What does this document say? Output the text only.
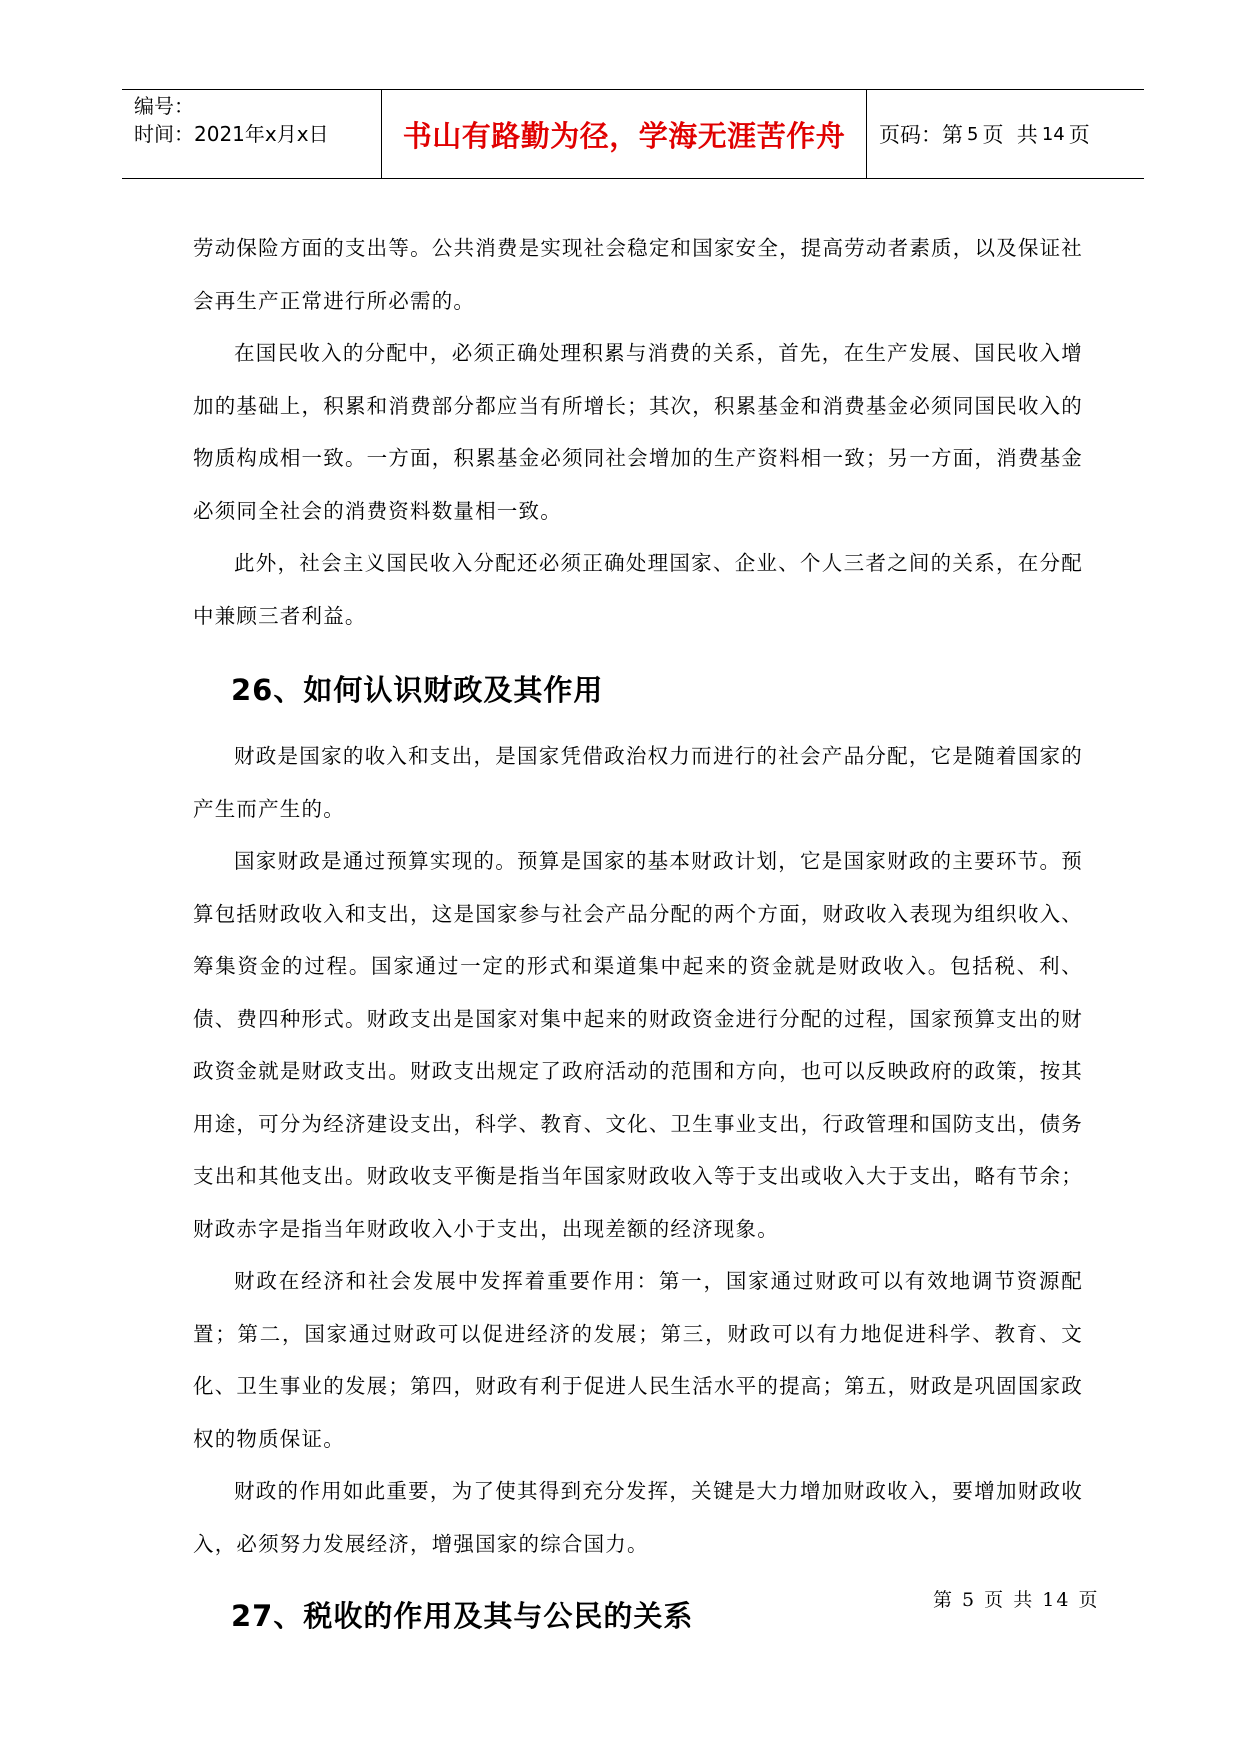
编号：
时间：2021年x月x日	书山有路勤为径，学海无涯苦作舟 页码：第 5 页  共 14 页

劳动保险方面的支出等。公共消费是实现社会稳定和国家安全，提高劳动者素质，以及保证社会再生产正常进行所必需的。

在国民收入的分配中，必须正确处理积累与消费的关系，首先，在生产发展、国民收入增加的基础上，积累和消费部分都应当有所增长；其次，积累基金和消费基金必须同国民收入的物质构成相一致。一方面，积累基金必须同社会增加的生产资料相一致；另一方面，消费基金必须同全社会的消费资料数量相一致。

此外，社会主义国民收入分配还必须正确处理国家、企业、个人三者之间的关系，在分配中兼顾三者利益。

26、如何认识财政及其作用

财政是国家的收入和支出，是国家凭借政治权力而进行的社会产品分配，它是随着国家的产生而产生的。

国家财政是通过预算实现的。预算是国家的基本财政计划，它是国家财政的主要环节。预算包括财政收入和支出，这是国家参与社会产品分配的两个方面，财政收入表现为组织收入、筹集资金的过程。国家通过一定的形式和渠道集中起来的资金就是财政收入。包括税、利、债、费四种形式。财政支出是国家对集中起来的财政资金进行分配的过程，国家预算支出的财政资金就是财政支出。财政支出规定了政府活动的范围和方向，也可以反映政府的政策，按其用途，可分为经济建设支出，科学、教育、文化、卫生事业支出，行政管理和国防支出，债务支出和其他支出。财政收支平衡是指当年国家财政收入等于支出或收入大于支出，略有节余；财政赤字是指当年财政收入小于支出，出现差额的经济现象。

财政在经济和社会发展中发挥着重要作用：第一，国家通过财政可以有效地调节资源配置；第二，国家通过财政可以促进经济的发展；第三，财政可以有力地促进科学、教育、文化、卫生事业的发展；第四，财政有利于促进人民生活水平的提高；第五，财政是巩固国家政权的物质保证。

财政的作用如此重要，为了使其得到充分发挥，关键是大力增加财政收入，要增加财政收入，必须努力发展经济，增强国家的综合国力。

27、税收的作用及其与公民的关系	第 5 页 共 14 页
